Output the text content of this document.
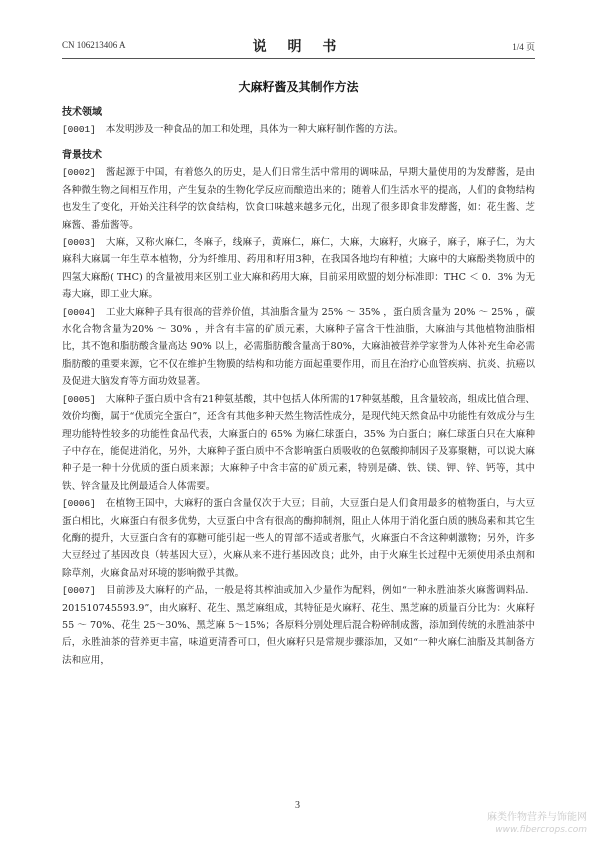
CN 106213406 A	说 明 书	1/4 页
大麻籽酱及其制作方法
技术领域

[0001] 本发明涉及一种食品的加工和处理，具体为一种大麻籽制作酱的方法。

背景技术

[0002] 酱起源于中国，有着悠久的历史，是人们日常生活中常用的调味品，早期大量使用的为发酵酱，是由各种微生物之间相互作用，产生复杂的生物化学反应而酿造出来的；随着人们生活水平的提高，人们的食物结构也发生了变化，开始关注科学的饮食结构，饮食口味越来越多元化，出现了很多即食非发酵酱，如：花生酱、芝麻酱、番茄酱等。

[0003] 大麻，又称火麻仁，冬麻子，线麻子，黄麻仁，麻仁，大麻，大麻籽，火麻子，麻子，麻子仁，为大麻科大麻属一年生草本植物，分为纤维用、药用和籽用3种，在我国各地均有种植；大麻中的大麻酚类物质中的四氢大麻酚( THC) 的含量被用来区别工业大麻和药用大麻，目前采用欧盟的划分标准即：THC ＜ 0．3% 为无毒大麻，即工业大麻。

[0004] 工业大麻种子具有很高的营养价值，其油脂含量为 25% ～ 35% ，蛋白质含量为 20% ～ 25% ，碳水化合物含量为20% ～ 30% ，并含有丰富的矿质元素，大麻种子富含干性油脂，大麻油与其他植物油脂相比，其不饱和脂肪酸含量高达 90% 以上，必需脂肪酸含量高于80%，大麻油被营养学家誉为人体补充生命必需脂肪酸的重要来源，它不仅在维护生物膜的结构和功能方面起重要作用，而且在治疗心血管疾病、抗炎、抗癌以及促进大脑发育等方面功效显著。

[0005] 大麻种子蛋白质中含有21种氨基酸，其中包括人体所需的17种氨基酸，且含量较高，组成比值合理、效价均衡，属于“优质完全蛋白”，还含有其他多种天然生物活性成分，是现代纯天然食品中功能性有效成分与生理功能特性较多的功能性食品代表，大麻蛋白的 65% 为麻仁球蛋白，35% 为白蛋白；麻仁球蛋白只在大麻种子中存在，能促进消化，另外，大麻种子蛋白质中不含影响蛋白质吸收的色氨酸抑制因子及寡聚糖，可以说大麻种子是一种十分优质的蛋白质来源；大麻种子中含丰富的矿质元素，特别是磷、铁、镁、钾、锌、钙等，其中铁、锌含量及比例最适合人体需要。

[0006] 在植物王国中，大麻籽的蛋白含量仅次于大豆；目前，大豆蛋白是人们食用最多的植物蛋白，与大豆蛋白相比，火麻蛋白有很多优势，大豆蛋白中含有很高的酶抑制剂，阻止人体用于消化蛋白质的胰岛素和其它生化酶的提升，大豆蛋白含有的寡糖可能引起一些人的胃部不适或者胀气，火麻蛋白不含这种刺激物；另外，许多大豆经过了基因改良（转基因大豆），火麻从来不进行基因改良；此外，由于火麻生长过程中无须使用杀虫剂和除草剂，火麻食品对环境的影响微乎其微。

[0007] 目前涉及大麻籽的产品，一般是将其榨油或加入少量作为配料，例如“一种永胜油茶火麻酱调料品．201510745593.9”，由火麻籽、花生、黑芝麻组成，其特征是火麻籽、花生、黑芝麻的质量百分比为：火麻籽 55 ～ 70%、花生 25～30%、黑芝麻 5～15%；各原料分别处理后混合粉碎制成酱，添加到传统的永胜油茶中后，永胜油茶的营养更丰富，味道更清香可口，但火麻籽只是常规步骤添加，又如“一种火麻仁油脂及其制备方法和应用，

3
麻类作物营养与饰能网
www.fibercrops.com
